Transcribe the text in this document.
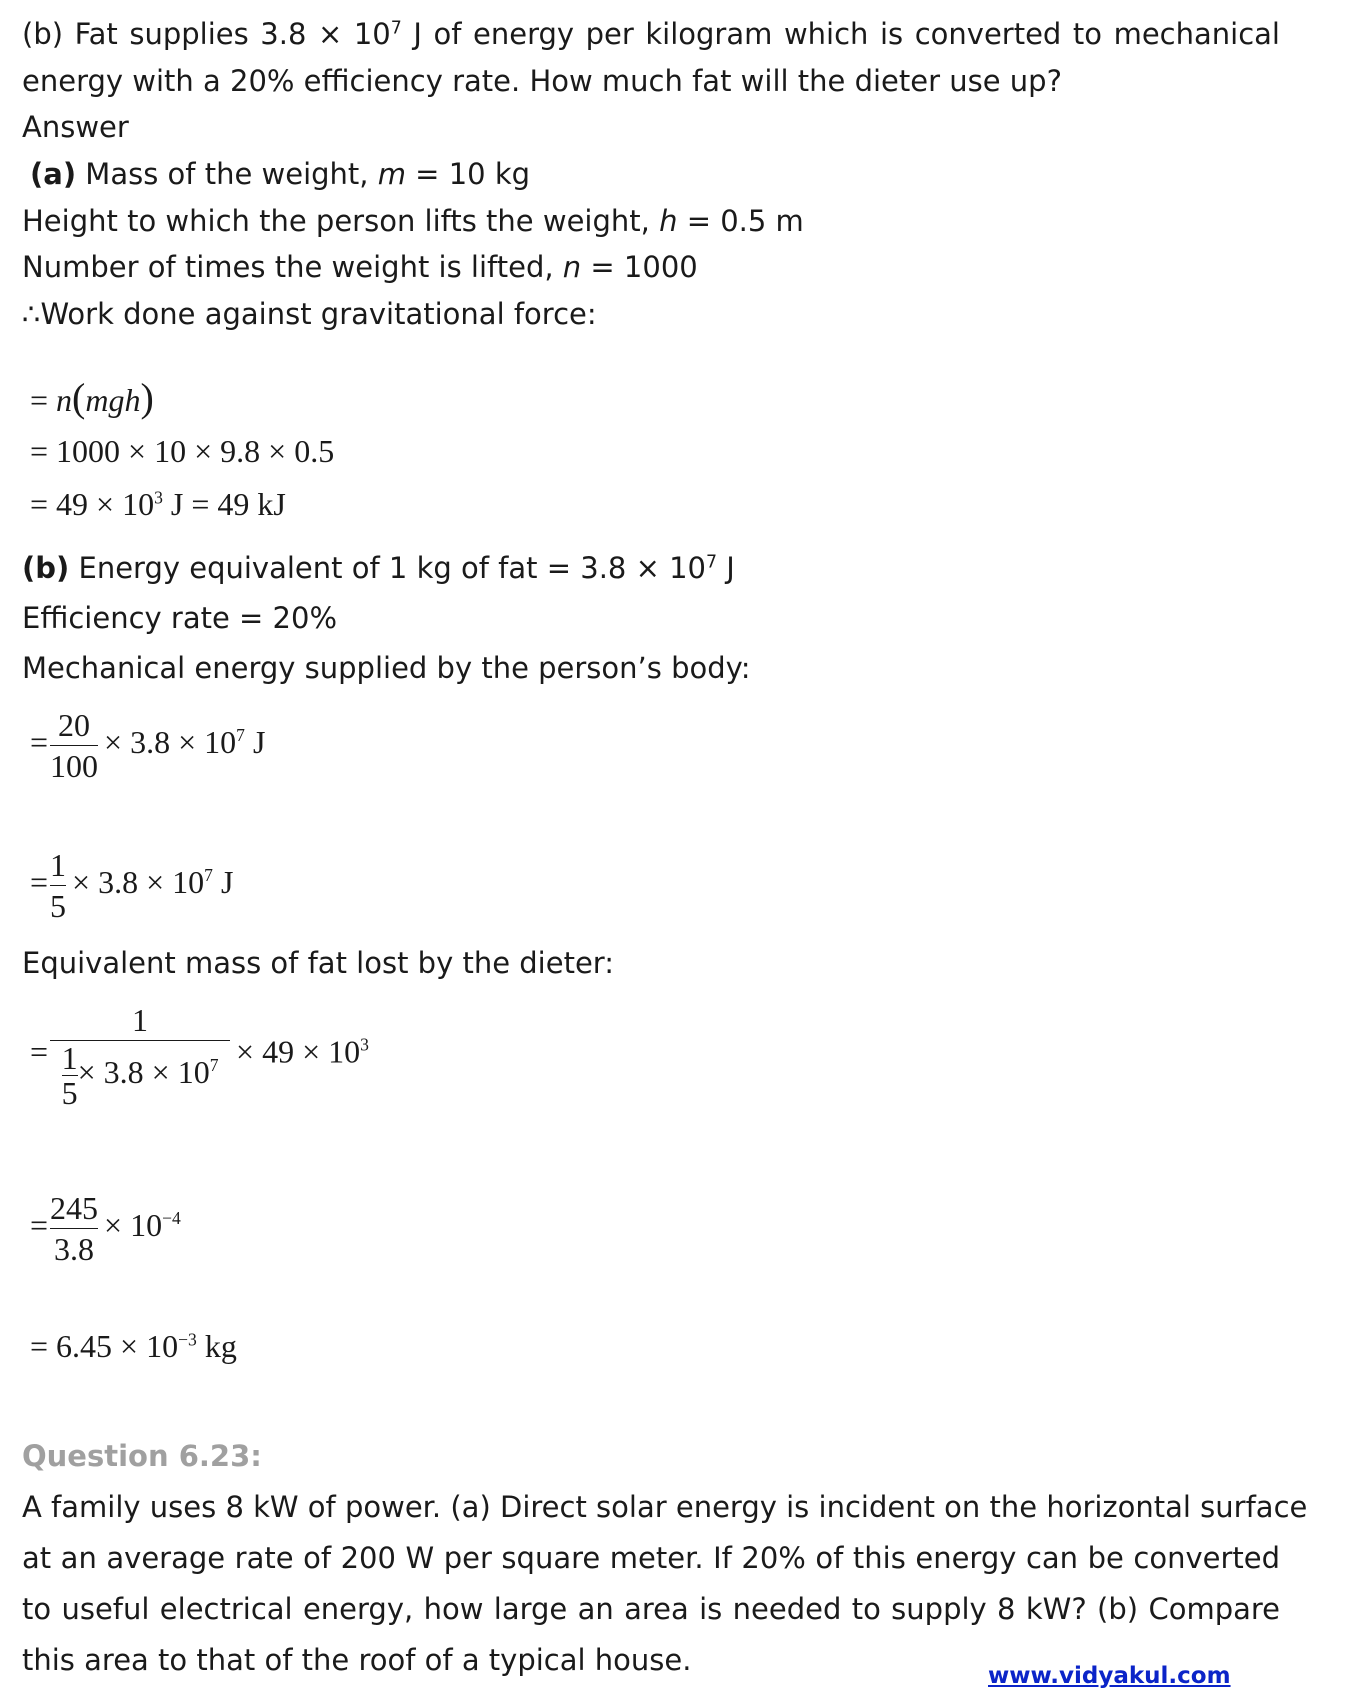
(b) Fat supplies $3.8 \times 10^7$ J of energy per kilogram which is converted to mechanical
energy with a 20% efficiency rate. How much fat will the dieter use up?
Answer
(a) Mass of the weight, m = 10 kg
Height to which the person lifts the weight, h = 0.5 m
Number of times the weight is lifted, n = 1000
∴Work done against gravitational force:
= n(mgh)
= 1000 × 10 × 9.8 × 0.5
= $49 \times 10^3$ J = 49 kJ
(b) Energy equivalent of 1 kg of fat = $3.8 \times 10^7$ J
Efficiency rate = 20%
Mechanical energy supplied by the person’s body:
= $\frac{20}{100} \times 3.8 \times 10^7$ J
= $\frac{1}{5} \times 3.8 \times 10^7$ J
Equivalent mass of fat lost by the dieter:
= $\frac{1}{\frac{1}{5} \times 3.8 \times 10^7} \times 49 \times 10^3$
= $\frac{245}{3.8} \times 10^{-4}$
= $6.45 \times 10^{-3}$ kg
Question 6.23:
A family uses 8 kW of power. (a) Direct solar energy is incident on the horizontal surface
at an average rate of 200 W per square meter. If 20% of this energy can be converted
to useful electrical energy, how large an area is needed to supply 8 kW? (b) Compare
this area to that of the roof of a typical house.	www.vidyakul.com
